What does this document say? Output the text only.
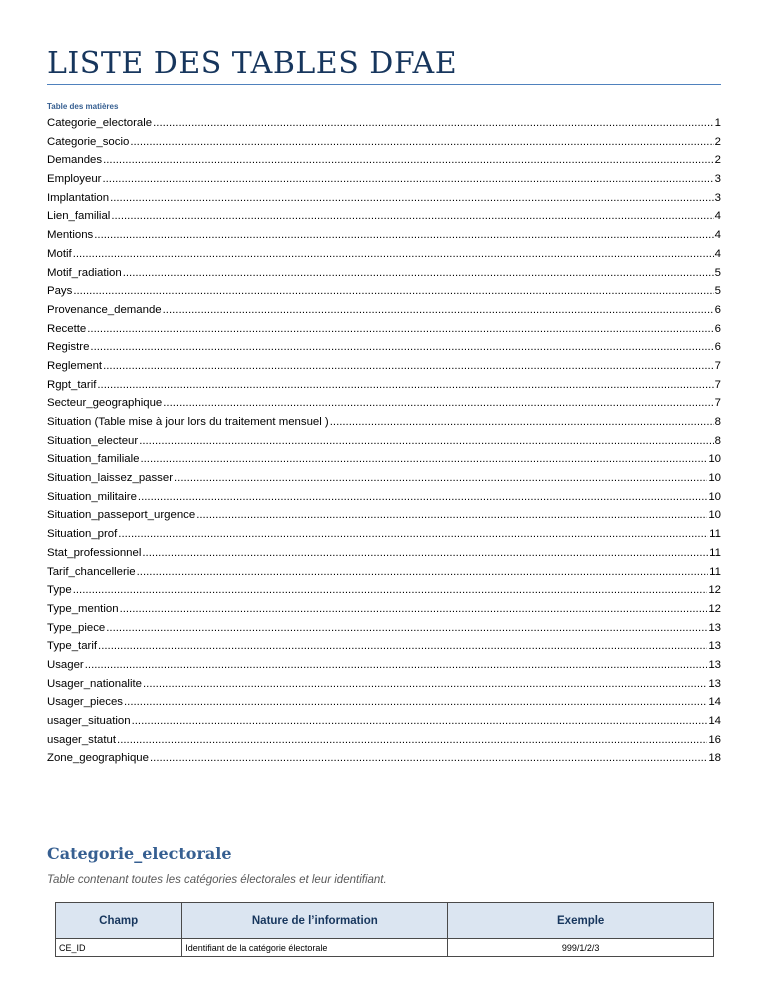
LISTE DES TABLES DFAE
Table des matières
Categorie_electorale .....	1
Categorie_socio .....	2
Demandes .....	2
Employeur .....	3
Implantation .....	3
Lien_familial .....	4
Mentions .....	4
Motif .....	4
Motif_radiation .....	5
Pays .....	5
Provenance_demande .....	6
Recette .....	6
Registre .....	6
Reglement .....	7
Rgpt_tarif .....	7
Secteur_geographique .....	7
Situation (Table mise à jour lors du traitement mensuel ) .....	8
Situation_electeur .....	8
Situation_familiale .....	10
Situation_laissez_passer .....	10
Situation_militaire .....	10
Situation_passeport_urgence .....	10
Situation_prof .....	11
Stat_professionnel .....	11
Tarif_chancellerie .....	11
Type .....	12
Type_mention .....	12
Type_piece .....	13
Type_tarif .....	13
Usager .....	13
Usager_nationalite .....	13
Usager_pieces .....	14
usager_situation .....	14
usager_statut .....	16
Zone_geographique .....	18
Categorie_electorale

Table contenant toutes les catégories électorales et leur identifiant.

Champ	Nature de l’information	Exemple
CE_ID	Identifiant de la catégorie électorale	999/1/2/3
